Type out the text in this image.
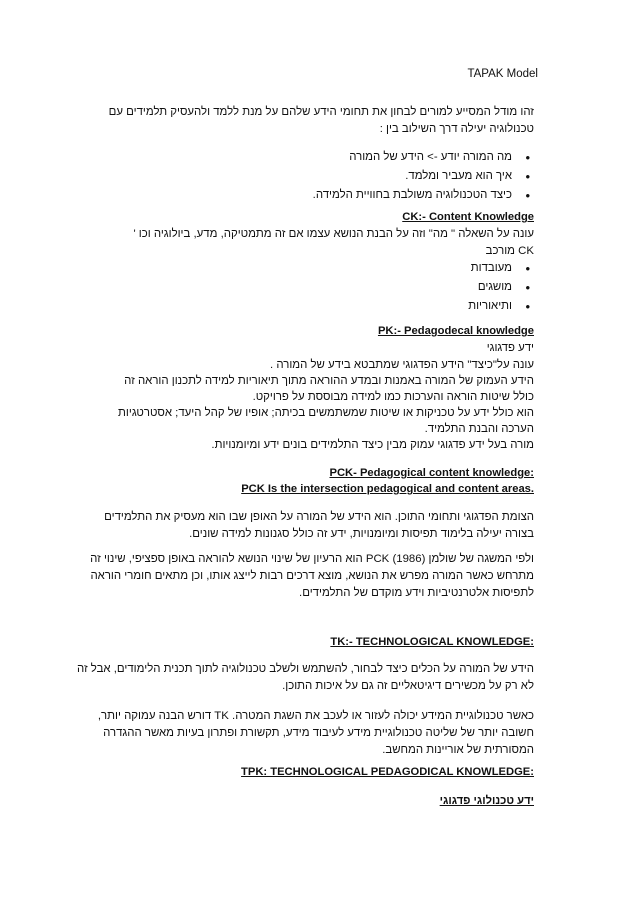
TAPAK Model
זהו מודל המסייע למורים לבחון את תחומי הידע שלהם על מנת ללמד ולהעסיק תלמידים עם
טכנולוגיה יעילה דרך השילוב בין :
• מה המורה יודע -> הידע של המורה
• איך הוא מעביר ומלמד.
• כיצד הטכנולוגיה משולבת בחוויית הלמידה.
CK:- Content Knowledge
עונה על השאלה " מה" וזה על הבנת הנושא עצמו אם זה מתמטיקה, מדע, ביולוגיה וכו '
CK מורכב
• מעובדות
• מושגים
• ותיאוריות
PK:- Pedagodecal knowledge
ידע פדגוגי
עונה על"כיצד" הידע הפדגוגי שמתבטא בידע של המורה .
הידע העמוק של המורה באמנות ובמדע ההוראה מתוך תיאוריות למידה לתכנון הוראה זה
כולל שיטות הוראה והערכות כמו למידה מבוססת על פרויקט.
הוא כולל ידע על טכניקות או שיטות שמשתמשים בכיתה; אופיו של קהל היעד; אסטרטגיות
הערכה והבנת התלמיד.
מורה בעל ידע פדגוגי עמוק מבין כיצד התלמידים בונים ידע ומיומנויות.
PCK- Pedagogical content knowledge:
PCK Is the intersection pedagogical and content areas.
הצומת הפדגוגי ותחומי התוכן. הוא הידע של המורה על האופן שבו הוא מעסיק את התלמידים
בצורה יעילה בלימוד תפיסות ומיומנויות, ידע זה כולל סגנונות למידה שונים.
ולפי המשגה של שולמן (1986) PCK הוא הרעיון של שינוי הנושא להוראה באופן ספציפי, שינוי זה
מתרחש כאשר המורה מפרש את הנושא, מוצא דרכים רבות לייצג אותו, וכן מתאים חומרי הוראה
לתפיסות אלטרנטיביות וידע מוקדם של התלמידים.
TK:- TECHNOLOGICAL KNOWLEDGE:
הידע של המורה על הכלים כיצד לבחור, להשתמש ולשלב טכנולוגיה לתוך תכנית הלימודים, אבל זה
לא רק על מכשירים דיגיטאליים זה גם על איכות התוכן.
כאשר טכנולוגיית המידע יכולה לעזור או לעכב את השגת המטרה. TK דורש הבנה עמוקה יותר,
חשובה יותר של שליטה טכנולוגיית מידע לעיבוד מידע, תקשורת ופתרון בעיות מאשר ההגדרה
המסורתית של אוריינות המחשב.
TPK: TECHNOLOGICAL PEDAGODICAL KNOWLEDGE:
ידע טכנולוגי פדגוגי
